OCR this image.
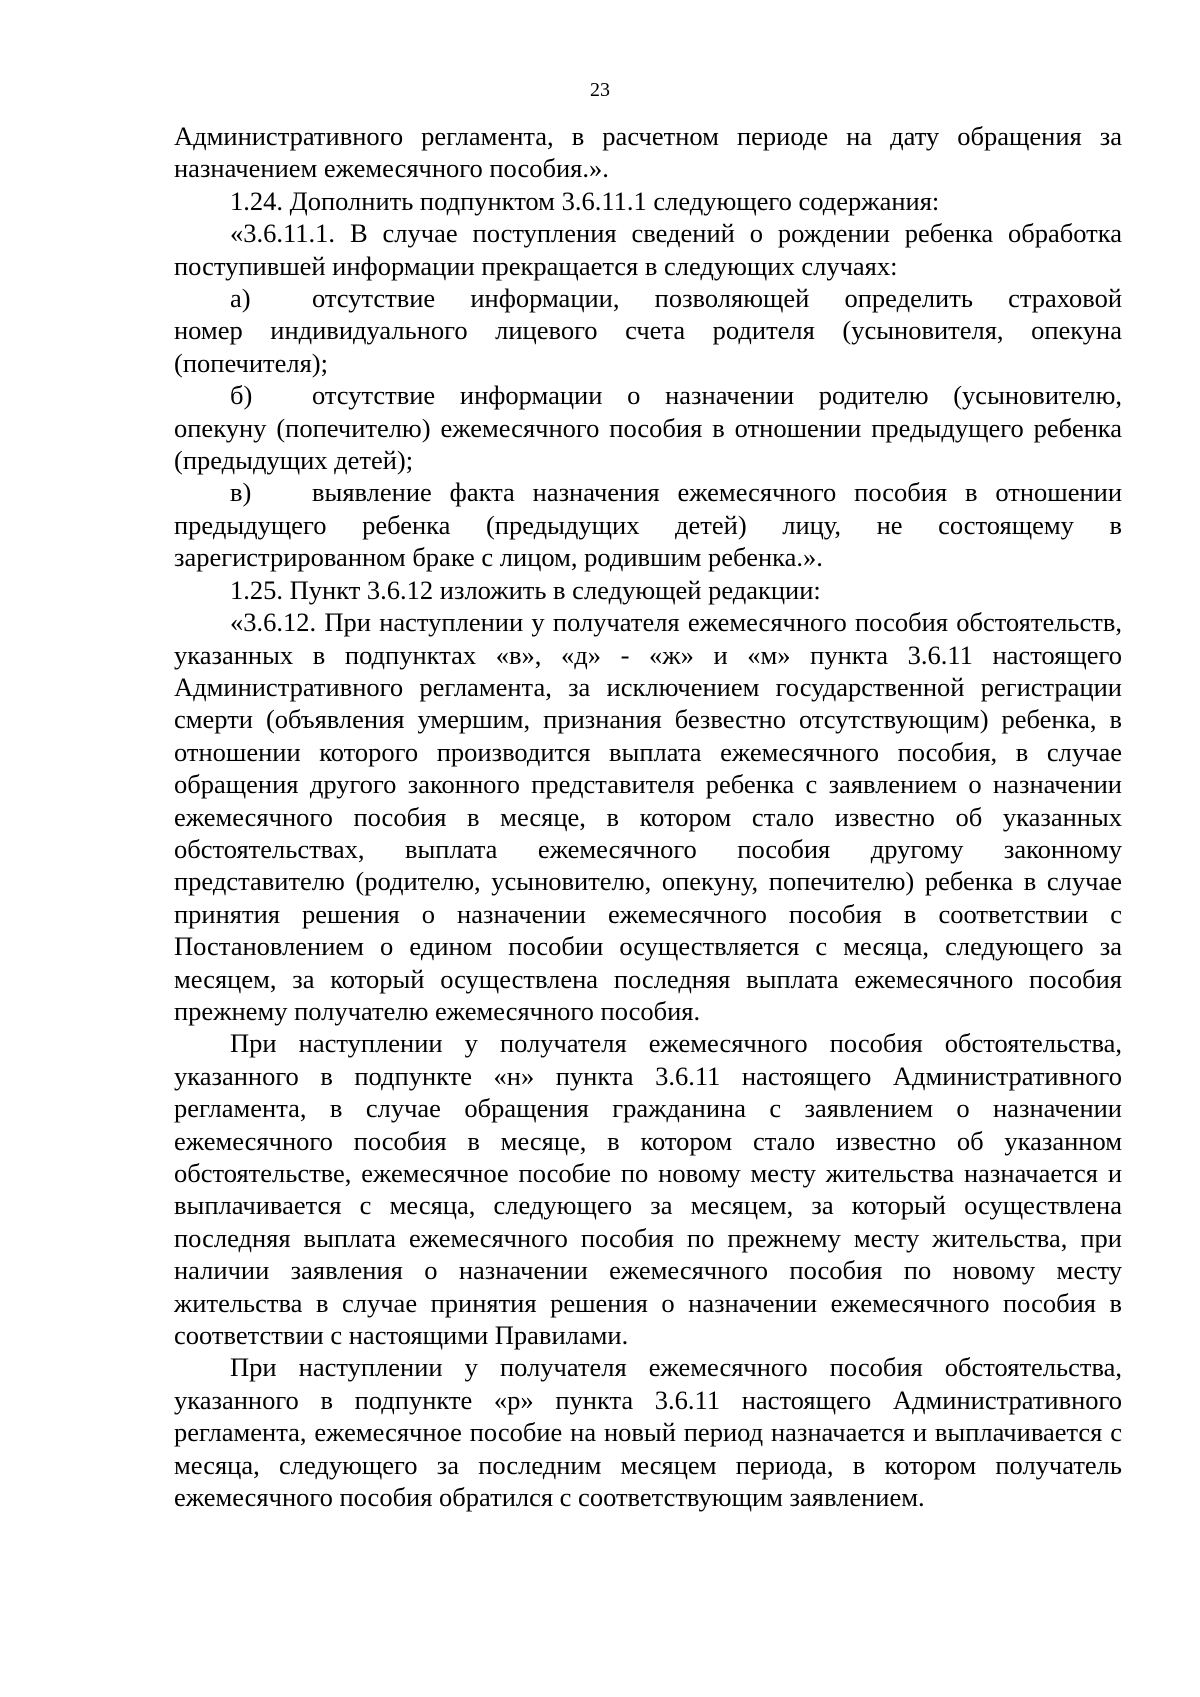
23

Административного регламента, в расчетном периоде на дату обращения за назначением ежемесячного пособия.».

1.24. Дополнить подпунктом 3.6.11.1 следующего содержания:

«3.6.11.1. В случае поступления сведений о рождении ребенка обработка поступившей информации прекращается в следующих случаях:

а)	отсутствие информации, позволяющей определить страховой

номер индивидуального лицевого счета родителя (усыновителя, опекуна (попечителя);

б)	отсутствие информации о назначении родителю (усыновителю,

опекуну (попечителю) ежемесячного пособия в отношении предыдущего ребенка (предыдущих детей);

в)	выявление факта назначения ежемесячного пособия в отношении

предыдущего ребенка (предыдущих детей) лицу, не состоящему в зарегистрированном браке с лицом, родившим ребенка.».

1.25. Пункт 3.6.12 изложить в следующей редакции:

«3.6.12. При наступлении у получателя ежемесячного пособия обстоятельств, указанных в подпунктах «в», «д» - «ж» и «м» пункта 3.6.11 настоящего Административного регламента, за исключением государственной регистрации смерти (объявления умершим, признания безвестно отсутствующим) ребенка, в отношении которого производится выплата ежемесячного пособия, в случае обращения другого законного представителя ребенка с заявлением о назначении ежемесячного пособия в месяце, в котором стало известно об указанных обстоятельствах, выплата ежемесячного пособия другому законному представителю (родителю, усыновителю, опекуну, попечителю) ребенка в случае принятия решения о назначении ежемесячного пособия в соответствии с Постановлением о едином пособии осуществляется с месяца, следующего за месяцем, за который осуществлена последняя выплата ежемесячного пособия прежнему получателю ежемесячного пособия.

При наступлении у получателя ежемесячного пособия обстоятельства, указанного в подпункте «н» пункта 3.6.11 настоящего Административного регламента, в случае обращения гражданина с заявлением о назначении ежемесячного пособия в месяце, в котором стало известно об указанном обстоятельстве, ежемесячное пособие по новому месту жительства назначается и выплачивается с месяца, следующего за месяцем, за который осуществлена последняя выплата ежемесячного пособия по прежнему месту жительства, при наличии заявления о назначении ежемесячного пособия по новому месту жительства в случае принятия решения о назначении ежемесячного пособия в соответствии с настоящими Правилами.

При наступлении у получателя ежемесячного пособия обстоятельства, указанного в подпункте «р» пункта 3.6.11 настоящего Административного регламента, ежемесячное пособие на новый период назначается и выплачивается с месяца, следующего за последним месяцем периода, в котором получатель ежемесячного пособия обратился с соответствующим заявлением.
